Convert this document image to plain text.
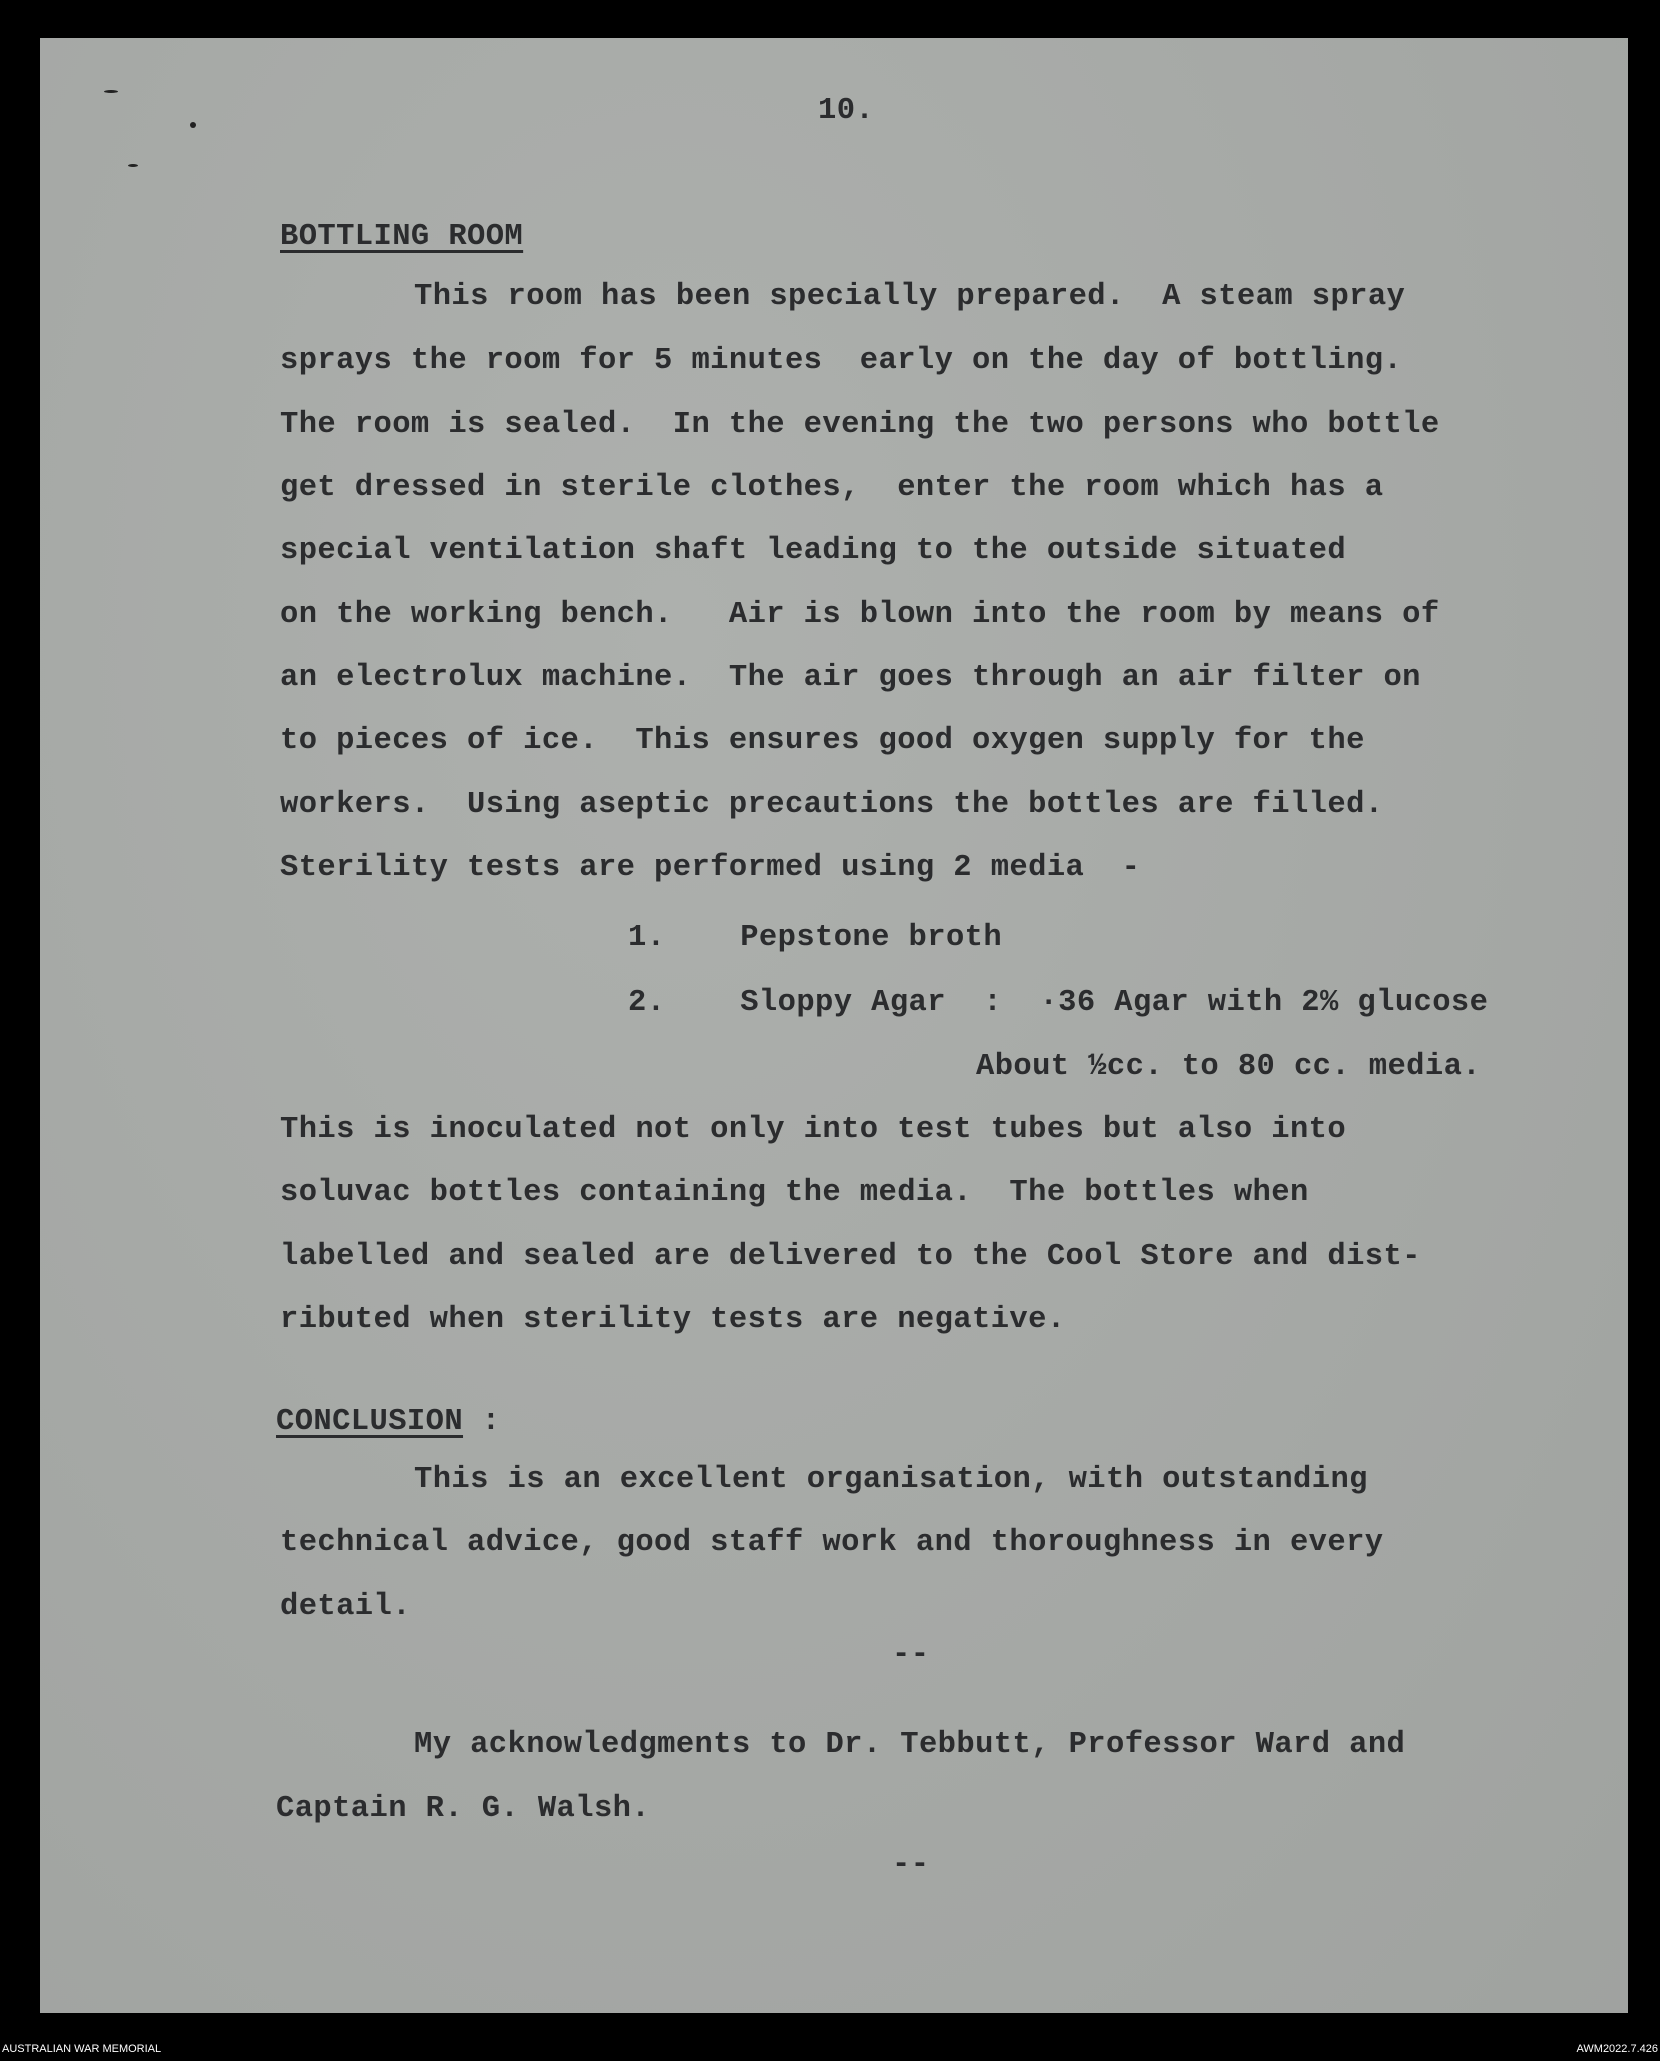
10.
BOTTLING ROOM
This room has been specially prepared.  A steam spray
sprays the room for 5 minutes  early on the day of bottling.
The room is sealed.  In the evening the two persons who bottle
get dressed in sterile clothes,  enter the room which has a
special ventilation shaft leading to the outside situated
on the working bench.   Air is blown into the room by means of
an electrolux machine.  The air goes through an air filter on
to pieces of ice.  This ensures good oxygen supply for the
workers.  Using aseptic precautions the bottles are filled.
Sterility tests are performed using 2 media  -
1.    Pepstone broth
2.    Sloppy Agar  :  ·36 Agar with 2% glucose
About ½cc. to 80 cc. media.
This is inoculated not only into test tubes but also into
soluvac bottles containing the media.  The bottles when
labelled and sealed are delivered to the Cool Store and dist-
ributed when sterility tests are negative.
CONCLUSION :
This is an excellent organisation, with outstanding
technical advice, good staff work and thoroughness in every
detail.
--
My acknowledgments to Dr. Tebbutt, Professor Ward and
Captain R. G. Walsh.
--
AUSTRALIAN WAR MEMORIAL	AWM2022.7.426
